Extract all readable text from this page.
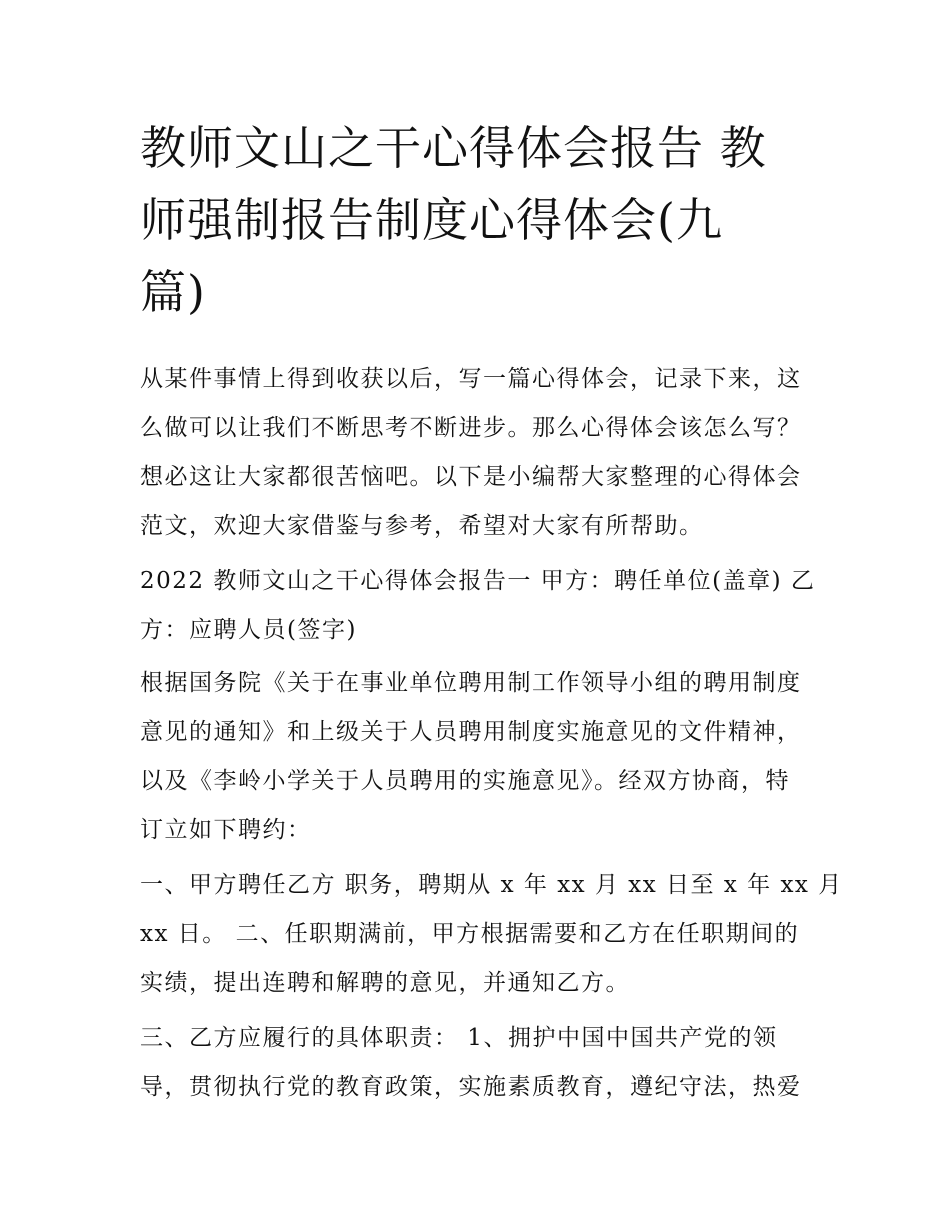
教师文山之干心得体会报告 教
师强制报告制度心得体会(九
篇)
从某件事情上得到收获以后，写一篇心得体会，记录下来，这
么做可以让我们不断思考不断进步。那么心得体会该怎么写？
想必这让大家都很苦恼吧。以下是小编帮大家整理的心得体会
范文，欢迎大家借鉴与参考，希望对大家有所帮助。
2022 教师文山之干心得体会报告一 甲方：聘任单位(盖章) 乙
方：应聘人员(签字)
根据国务院《关于在事业单位聘用制工作领导小组的聘用制度
意见的通知》和上级关于人员聘用制度实施意见的文件精神，
以及《李岭小学关于人员聘用的实施意见》。经双方协商，特
订立如下聘约：
一、甲方聘任乙方 职务，聘期从 x 年 xx 月 xx 日至 x 年 xx 月
xx 日。 二、任职期满前，甲方根据需要和乙方在任职期间的
实绩，提出连聘和解聘的意见，并通知乙方。
三、乙方应履行的具体职责： 1、拥护中国中国共产党的领
导，贯彻执行党的教育政策，实施素质教育，遵纪守法，热爱
